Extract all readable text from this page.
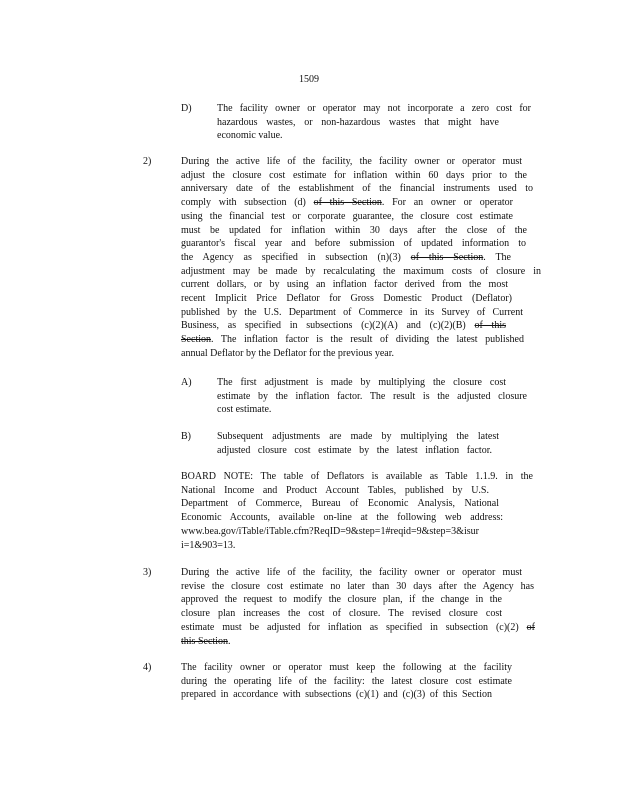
1509
D)	The facility owner or operator may not incorporate a zero cost for
hazardous wastes, or non-hazardous wastes that might have
economic value.
2)	During the active life of the facility, the facility owner or operator must
adjust the closure cost estimate for inflation within 60 days prior to the
anniversary date of the establishment of the financial instruments used to
comply with subsection (d) of this Section. For an owner or operator
using the financial test or corporate guarantee, the closure cost estimate
must be updated for inflation within 30 days after the close of the
guarantor's fiscal year and before submission of updated information to
the Agency as specified in subsection (n)(3) of this Section. The
adjustment may be made by recalculating the maximum costs of closure in
current dollars, or by using an inflation factor derived from the most
recent Implicit Price Deflator for Gross Domestic Product (Deflator)
published by the U.S. Department of Commerce in its Survey of Current
Business, as specified in subsections (c)(2)(A) and (c)(2)(B) of this
Section. The inflation factor is the result of dividing the latest published
annual Deflator by the Deflator for the previous year.
A)	The first adjustment is made by multiplying the closure cost
estimate by the inflation factor. The result is the adjusted closure
cost estimate.
B)	Subsequent adjustments are made by multiplying the latest
adjusted closure cost estimate by the latest inflation factor.
BOARD NOTE: The table of Deflators is available as Table 1.1.9. in the
National Income and Product Account Tables, published by U.S.
Department of Commerce, Bureau of Economic Analysis, National
Economic Accounts, available on-line at the following web address:
www.bea.gov/iTable/iTable.cfm?ReqID=9&step=1#reqid=9&step=3&isur
i=1&903=13.
3)	During the active life of the facility, the facility owner or operator must
revise the closure cost estimate no later than 30 days after the Agency has
approved the request to modify the closure plan, if the change in the
closure plan increases the cost of closure. The revised closure cost
estimate must be adjusted for inflation as specified in subsection (c)(2) of
this Section.
4)	The facility owner or operator must keep the following at the facility
during the operating life of the facility: the latest closure cost estimate
prepared in accordance with subsections (c)(1) and (c)(3) of this Section
